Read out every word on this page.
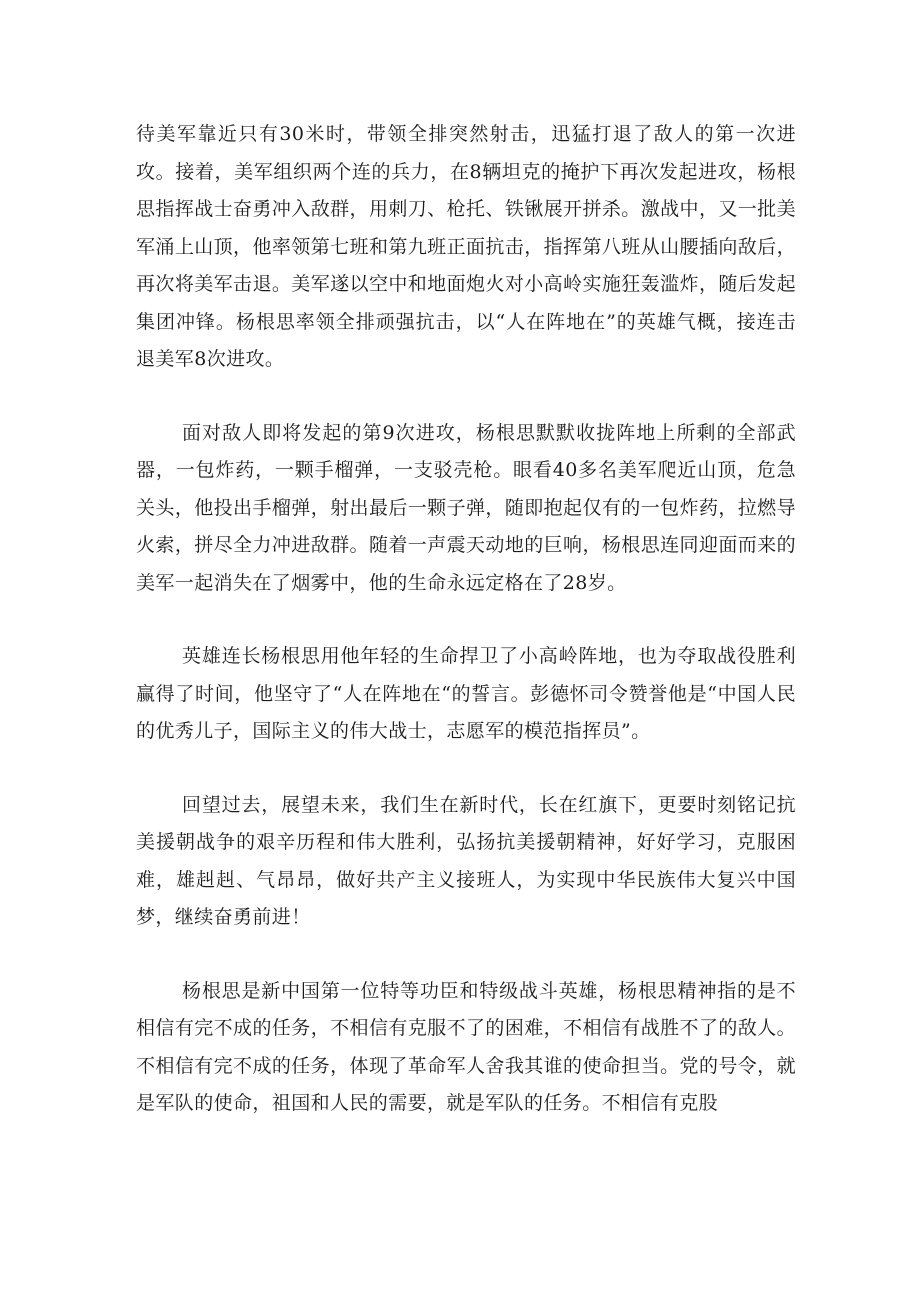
待美军靠近只有30米时，带领全排突然射击，迅猛打退了敌人的第一次进攻。接着，美军组织两个连的兵力，在8辆坦克的掩护下再次发起进攻，杨根思指挥战士奋勇冲入敌群，用刺刀、枪托、铁锹展开拼杀。激战中，又一批美军涌上山顶，他率领第七班和第九班正面抗击，指挥第八班从山腰插向敌后，再次将美军击退。美军遂以空中和地面炮火对小高岭实施狂轰滥炸，随后发起集团冲锋。杨根思率领全排顽强抗击，以“人在阵地在”的英雄气概，接连击退美军8次进攻。

面对敌人即将发起的第9次进攻，杨根思默默收拢阵地上所剩的全部武器，一包炸药，一颗手榴弹，一支驳壳枪。眼看40多名美军爬近山顶，危急关头，他投出手榴弹，射出最后一颗子弹，随即抱起仅有的一包炸药，拉燃导火索，拼尽全力冲进敌群。随着一声震天动地的巨响，杨根思连同迎面而来的美军一起消失在了烟雾中，他的生命永远定格在了28岁。

英雄连长杨根思用他年轻的生命捍卫了小高岭阵地，也为夺取战役胜利赢得了时间，他坚守了“人在阵地在“的誓言。彭德怀司令赞誉他是“中国人民的优秀儿子，国际主义的伟大战士，志愿军的模范指挥员”。

回望过去，展望未来，我们生在新时代，长在红旗下，更要时刻铭记抗美援朝战争的艰辛历程和伟大胜利，弘扬抗美援朝精神，好好学习，克服困难，雄赳赳、气昂昂，做好共产主义接班人，为实现中华民族伟大复兴中国梦，继续奋勇前进！

杨根思是新中国第一位特等功臣和特级战斗英雄，杨根思精神指的是不相信有完不成的任务，不相信有克服不了的困难，不相信有战胜不了的敌人。不相信有完不成的任务，体现了革命军人舍我其谁的使命担当。党的号令，就是军队的使命，祖国和人民的需要，就是军队的任务。不相信有克股
